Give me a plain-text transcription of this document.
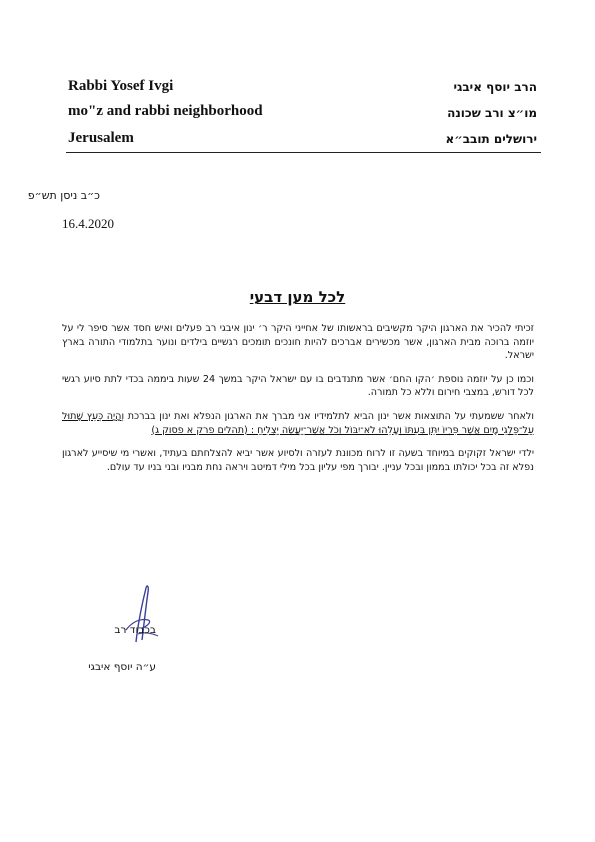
Rabbi Yosef Ivgi
mo"z and rabbi neighborhood
Jerusalem
הרב יוסף איבגי
מו״צ ורב שכונה
ירושלים תובב״א
כ״ב ניסן תש״פ
16.4.2020
לכל מען דבעי

זכיתי להכיר את הארגון היקר מקשיבים בראשותו של אחייני היקר ר׳ ינון איבגי רב פעלים ואיש חסד אשר סיפר לי על יוזמה ברוכה מבית הארגון, אשר מכשירים אברכים להיות חונכים תומכים רגשיים בילדים ונוער בתלמודי התורה בארץ ישראל.

וכמו כן על יוזמה נוספת ׳הקו החם׳ אשר מתנדבים בו עם ישראל היקר במשך 24 שעות ביממה בכדי לתת סיוע רגשי לכל דורש, במצבי חירום וללא כל תמורה.

ולאחר ששמעתי על התוצאות אשר ינון הביא לתלמידיו אני מברך את הארגון הנפלא ואת ינון בברכת וְהָיָה כְּעֵץ שָׁתוּל עַל־פַּלְגֵי מָיִם אֲשֶׁר פִּרְיוֹ יִתֵּן בְּעִתּוֹ וְעָלֵהוּ לֹא־יִבּוֹל וְכֹל אֲשֶׁר־יַעֲשֶׂה יַצְלִיחַ : (תהלים פרק א פסוק ג)

ילדי ישראל זקוקים במיוחד בשעה זו לרוח מכוונת לעזרה ולסיוע אשר יביא להצלחתם בעתיד, ואשרי מי שיסייע לארגון נפלא זה בכל יכולתו בממון ובכל עניין. יבורך מפי עליון בכל מילי דמיטב ויראה נחת מבניו ובני בניו עד עולם.

בכבוד רב
ע״ה יוסף איבגי
